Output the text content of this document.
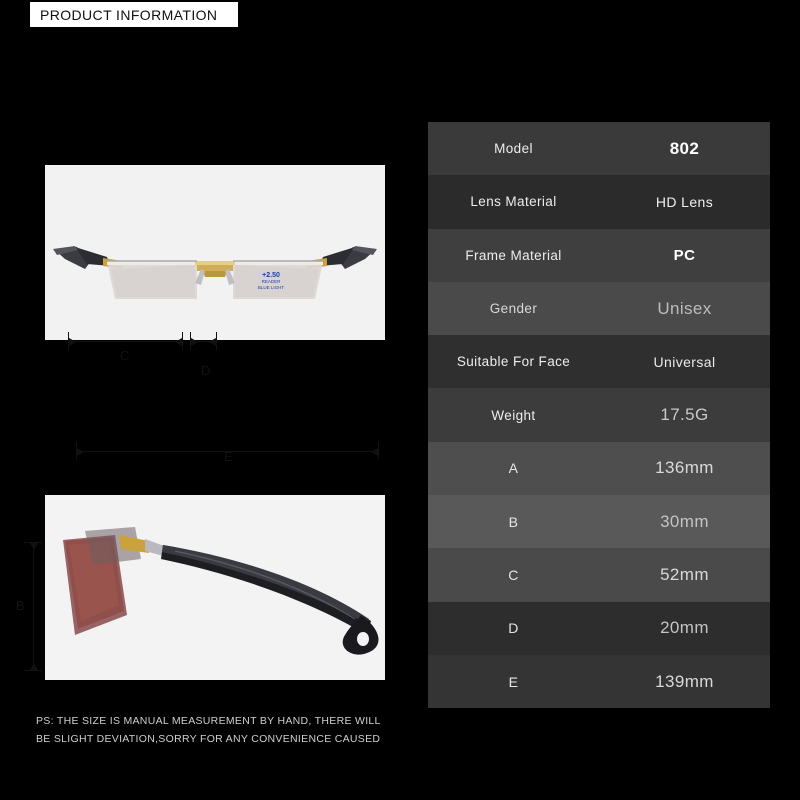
PRODUCT INFORMATION
+2.50
READER
BLUE LIGHT
C
D
E
B
PS: THE SIZE IS MANUAL MEASUREMENT BY HAND, THERE WILL
BE SLIGHT DEVIATION,SORRY FOR ANY CONVENIENCE CAUSED
Model	802
Lens Material	HD Lens
Frame Material	PC
Gender	Unisex
Suitable For Face	Universal
Weight	17.5G
A	136mm
B	30mm
C	52mm
D	20mm
E	139mm
